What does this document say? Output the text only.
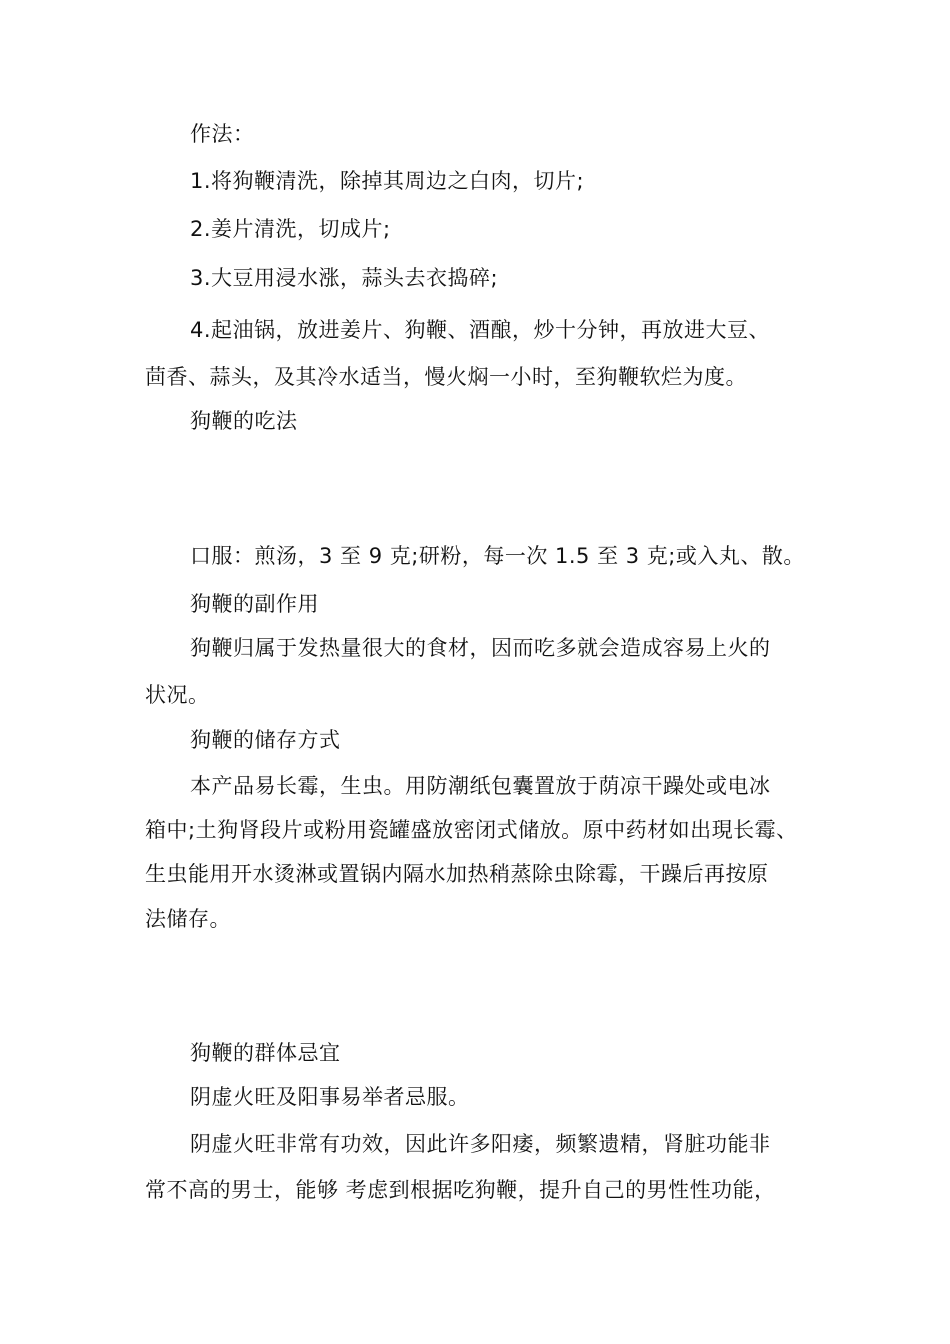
作法：
1.将狗鞭清洗，除掉其周边之白肉，切片;
2.姜片清洗，切成片;
3.大豆用浸水涨，蒜头去衣捣碎;
4.起油锅，放进姜片、狗鞭、酒酿，炒十分钟，再放进大豆、
茴香、蒜头，及其冷水适当，慢火焖一小时，至狗鞭软烂为度。
狗鞭的吃法
口服：煎汤，3 至 9 克;研粉，每一次 1.5 至 3 克;或入丸、散。
狗鞭的副作用
狗鞭归属于发热量很大的食材，因而吃多就会造成容易上火的
状况。
狗鞭的储存方式
本产品易长霉，生虫。用防潮纸包囊置放于荫凉干躁处或电冰
箱中;土狗肾段片或粉用瓷罐盛放密闭式储放。原中药材如出現长霉、
生虫能用开水烫淋或置锅内隔水加热稍蒸除虫除霉，干躁后再按原
法储存。
狗鞭的群体忌宜
阴虚火旺及阳事易举者忌服。
阴虚火旺非常有功效，因此许多阳痿，频繁遗精，肾脏功能非
常不高的男士，能够 考虑到根据吃狗鞭，提升自己的男性性功能，
